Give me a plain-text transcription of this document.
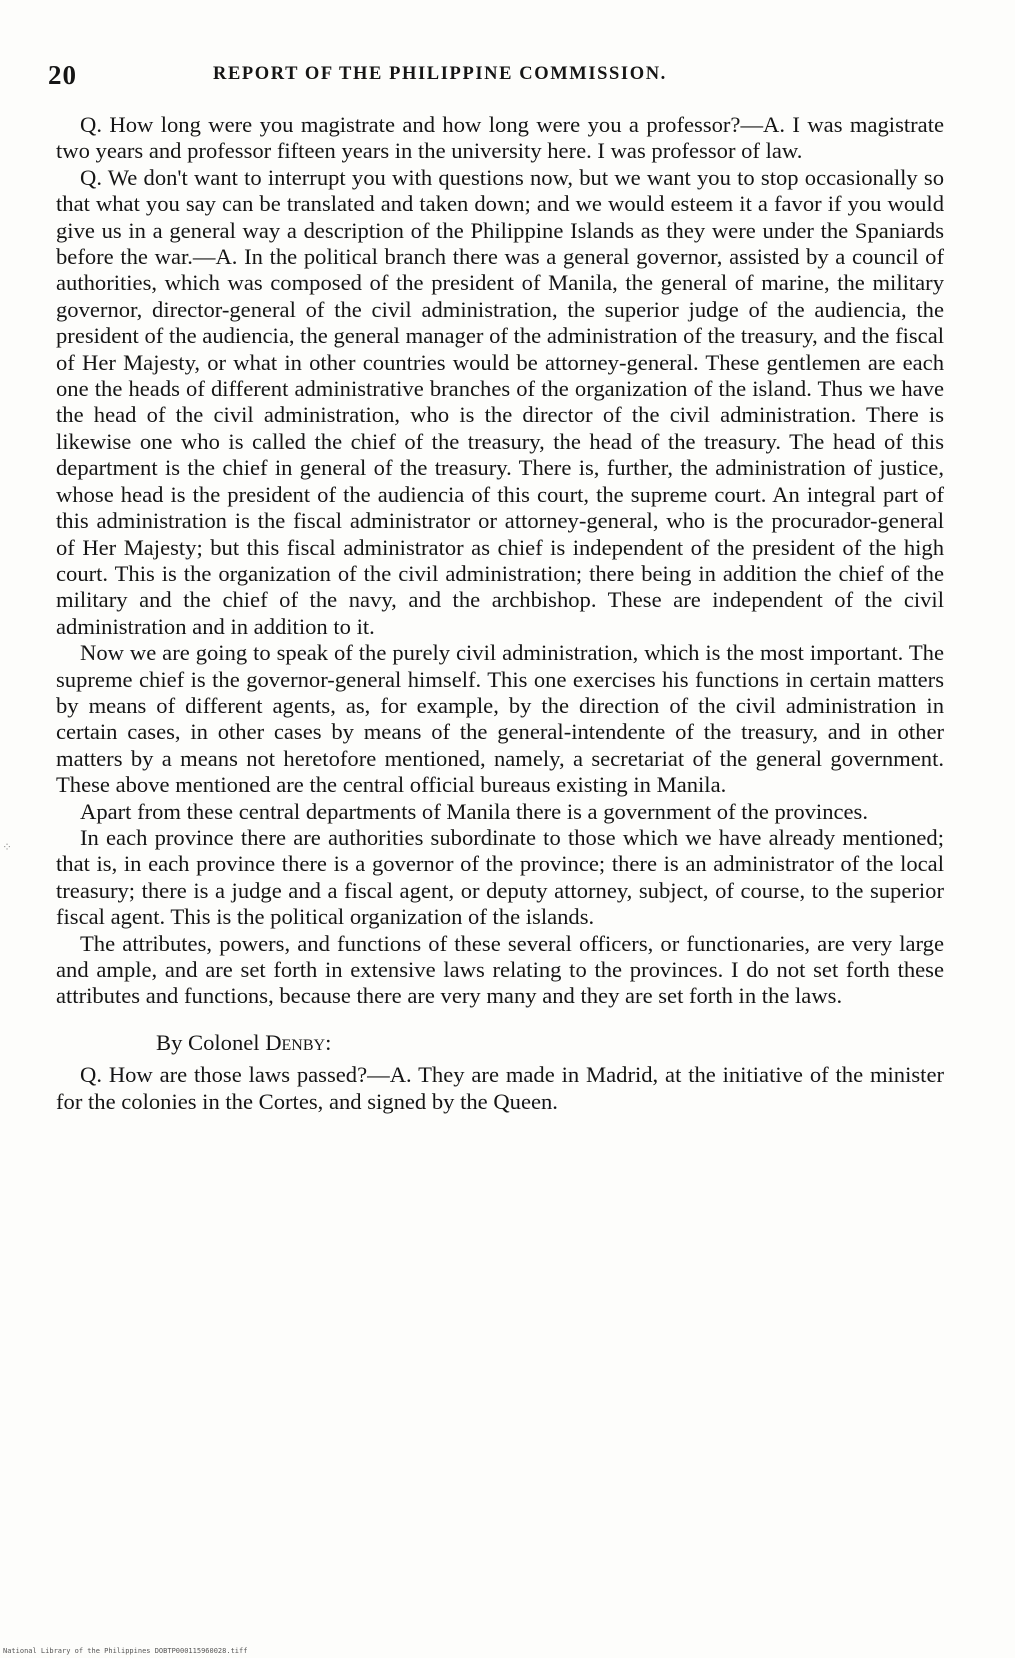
20	REPORT OF THE PHILIPPINE COMMISSION.

Q. How long were you magistrate and how long were you a professor?—A. I was magistrate two years and professor fifteen years in the university here. I was professor of law.

Q. We don't want to interrupt you with questions now, but we want you to stop occasionally so that what you say can be translated and taken down; and we would esteem it a favor if you would give us in a general way a description of the Philippine Islands as they were under the Spaniards before the war.—A. In the political branch there was a general governor, assisted by a council of authorities, which was composed of the president of Manila, the general of marine, the military governor, director-general of the civil administration, the superior judge of the audiencia, the president of the audiencia, the general manager of the administration of the treasury, and the fiscal of Her Majesty, or what in other countries would be attorney-general. These gentlemen are each one the heads of different administrative branches of the organization of the island. Thus we have the head of the civil administration, who is the director of the civil administration. There is likewise one who is called the chief of the treasury, the head of the treasury. The head of this department is the chief in general of the treasury. There is, further, the administration of justice, whose head is the president of the audiencia of this court, the supreme court. An integral part of this administration is the fiscal administrator or attorney-general, who is the procurador-general of Her Majesty; but this fiscal administrator as chief is independent of the president of the high court. This is the organization of the civil administration; there being in addition the chief of the military and the chief of the navy, and the archbishop. These are independent of the civil administration and in addition to it.

Now we are going to speak of the purely civil administration, which is the most important. The supreme chief is the governor-general himself. This one exercises his functions in certain matters by means of different agents, as, for example, by the direction of the civil administration in certain cases, in other cases by means of the general-intendente of the treasury, and in other matters by a means not heretofore mentioned, namely, a secretariat of the general government. These above mentioned are the central official bureaus existing in Manila.

Apart from these central departments of Manila there is a government of the provinces.

In each province there are authorities subordinate to those which we have already mentioned; that is, in each province there is a governor of the province; there is an administrator of the local treasury; there is a judge and a fiscal agent, or deputy attorney, subject, of course, to the superior fiscal agent. This is the political organization of the islands.

The attributes, powers, and functions of these several officers, or functionaries, are very large and ample, and are set forth in extensive laws relating to the provinces. I do not set forth these attributes and functions, because there are very many and they are set forth in the laws.

By Colonel Denby:

Q. How are those laws passed?—A. They are made in Madrid, at the initiative of the minister for the colonies in the Cortes, and signed by the Queen.

⁘
National Library of the Philippines DOBTP000115960028.tiff
